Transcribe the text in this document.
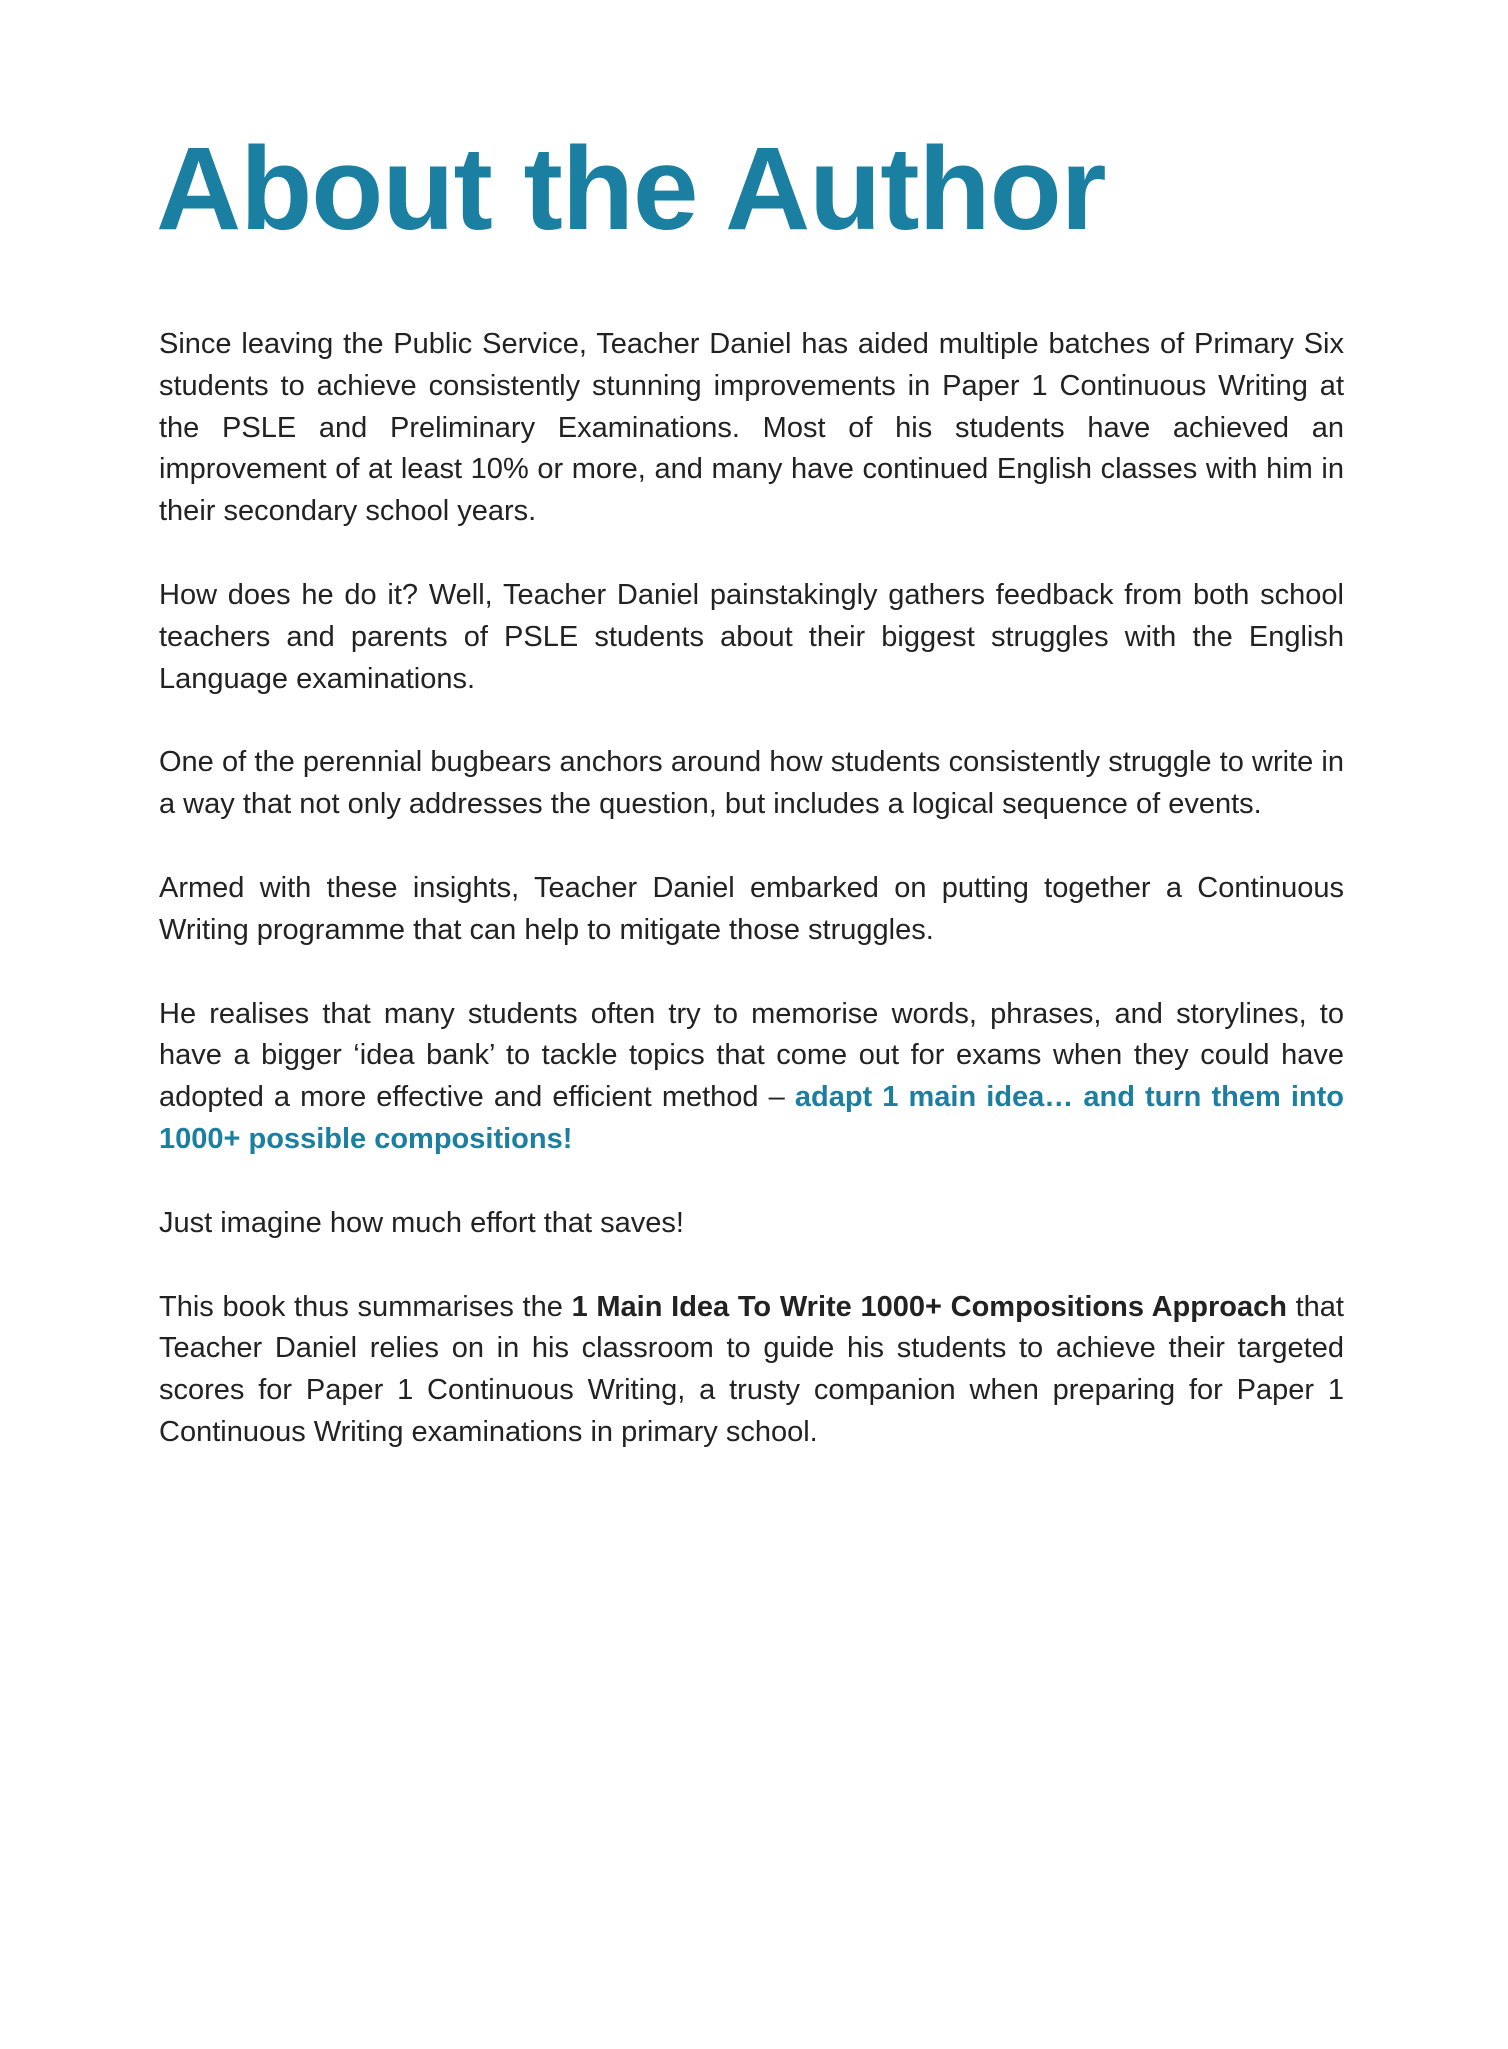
About the Author

Since leaving the Public Service, Teacher Daniel has aided multiple batches of Primary Six students to achieve consistently stunning improvements in Paper 1 Continuous Writing at the PSLE and Preliminary Examinations. Most of his students have achieved an improvement of at least 10% or more, and many have continued English classes with him in their secondary school years.

How does he do it? Well, Teacher Daniel painstakingly gathers feedback from both school teachers and parents of PSLE students about their biggest struggles with the English Language examinations.

One of the perennial bugbears anchors around how students consistently struggle to write in a way that not only addresses the question, but includes a logical sequence of events.

Armed with these insights, Teacher Daniel embarked on putting together a Continuous Writing programme that can help to mitigate those struggles.

He realises that many students often try to memorise words, phrases, and storylines, to have a bigger ‘idea bank’ to tackle topics that come out for exams when they could have adopted a more effective and efficient method – adapt 1 main idea… and turn them into 1000+ possible compositions!

Just imagine how much effort that saves!

This book thus summarises the 1 Main Idea To Write 1000+ Compositions Approach that Teacher Daniel relies on in his classroom to guide his students to achieve their targeted scores for Paper 1 Continuous Writing, a trusty companion when preparing for Paper 1 Continuous Writing examinations in primary school.
